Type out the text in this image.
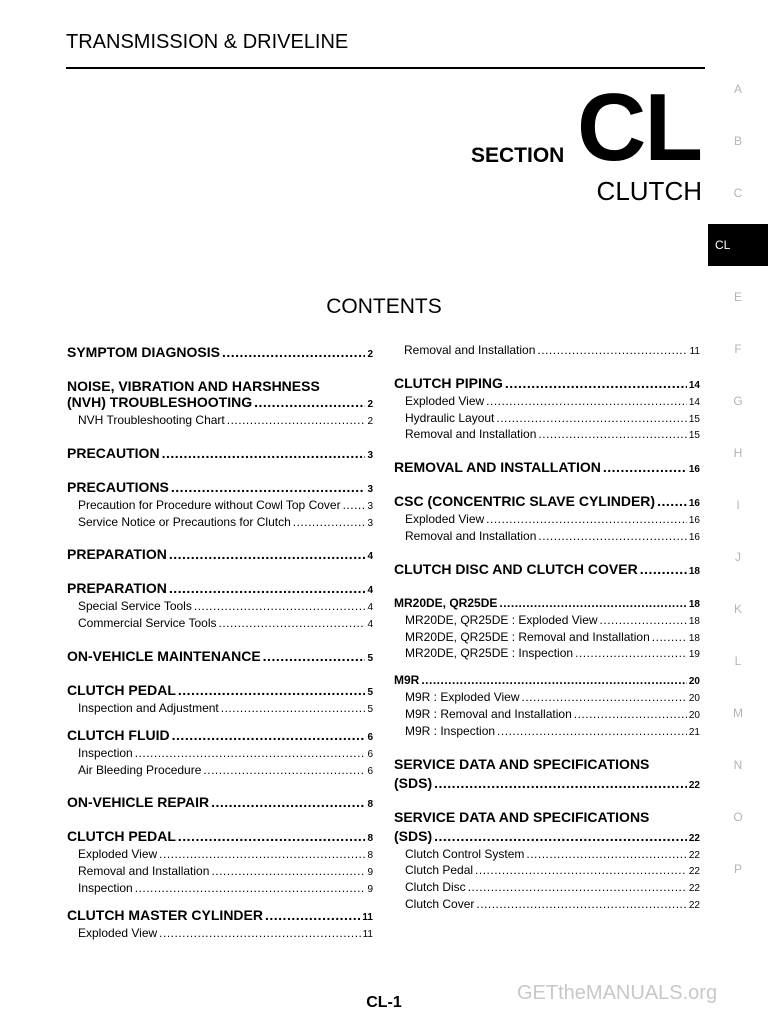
TRANSMISSION & DRIVELINE
SECTION CL
CLUTCH
A
B
C
CL
E
F
G
H
I
J
K
L
M
N
O
P
CONTENTS
SYMPTOM DIAGNOSIS .....	2
NOISE, VIBRATION AND HARSHNESS
(NVH) TROUBLESHOOTING .....	2
NVH Troubleshooting Chart .....	2
PRECAUTION .....	3
PRECAUTIONS .....	3
Precaution for Procedure without Cowl Top Cover .....	3
Service Notice or Precautions for Clutch .....	3
PREPARATION .....	4
PREPARATION .....	4
Special Service Tools .....	4
Commercial Service Tools .....	4
ON-VEHICLE MAINTENANCE .....	5
CLUTCH PEDAL .....	5
Inspection and Adjustment .....	5
CLUTCH FLUID .....	6
Inspection .....	6
Air Bleeding Procedure .....	6
ON-VEHICLE REPAIR .....	8
CLUTCH PEDAL .....	8
Exploded View .....	8
Removal and Installation .....	9
Inspection .....	9
CLUTCH MASTER CYLINDER .....	11
Exploded View .....	11
Removal and Installation .....	11
CLUTCH PIPING .....	14
Exploded View .....	14
Hydraulic Layout .....	15
Removal and Installation .....	15
REMOVAL AND INSTALLATION .....	16
CSC (CONCENTRIC SLAVE CYLINDER) .....	16
Exploded View .....	16
Removal and Installation .....	16
CLUTCH DISC AND CLUTCH COVER .....	18
MR20DE, QR25DE .....	18
MR20DE, QR25DE : Exploded View .....	18
MR20DE, QR25DE : Removal and Installation .....	18
MR20DE, QR25DE : Inspection .....	19
M9R .....	20
M9R : Exploded View .....	20
M9R : Removal and Installation .....	20
M9R : Inspection .....	21
SERVICE DATA AND SPECIFICATIONS
(SDS) .....	22
SERVICE DATA AND SPECIFICATIONS
(SDS) .....	22
Clutch Control System .....	22
Clutch Pedal .....	22
Clutch Disc .....	22
Clutch Cover .....	22
CL-1	GETtheMANUALS.org
